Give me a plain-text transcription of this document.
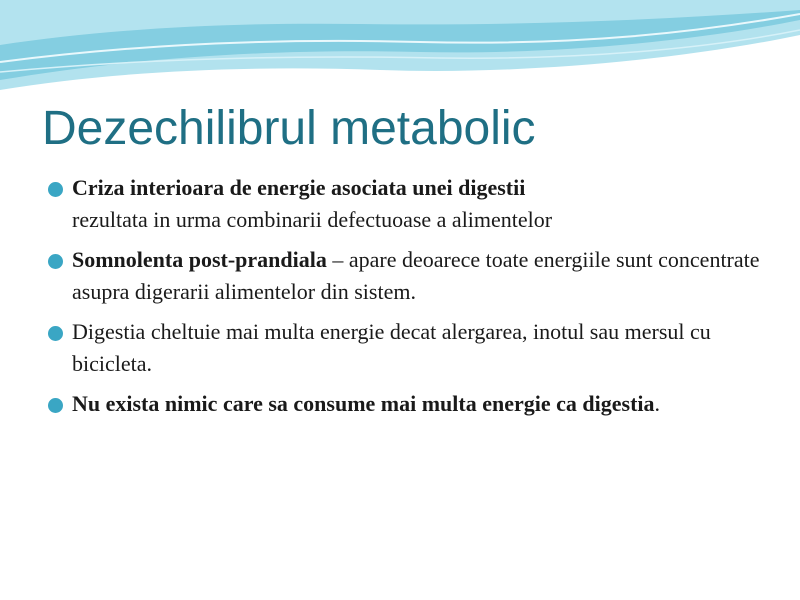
Dezechilibrul metabolic
Criza interioara de energie asociata unei digestii
rezultata in urma combinarii defectuoase a alimentelor
Somnolenta post-prandiala – apare deoarece toate energiile sunt concentrate asupra digerarii alimentelor din sistem.
Digestia cheltuie mai multa energie decat alergarea, inotul sau mersul cu bicicleta.
Nu exista nimic care sa consume mai multa energie ca digestia.
